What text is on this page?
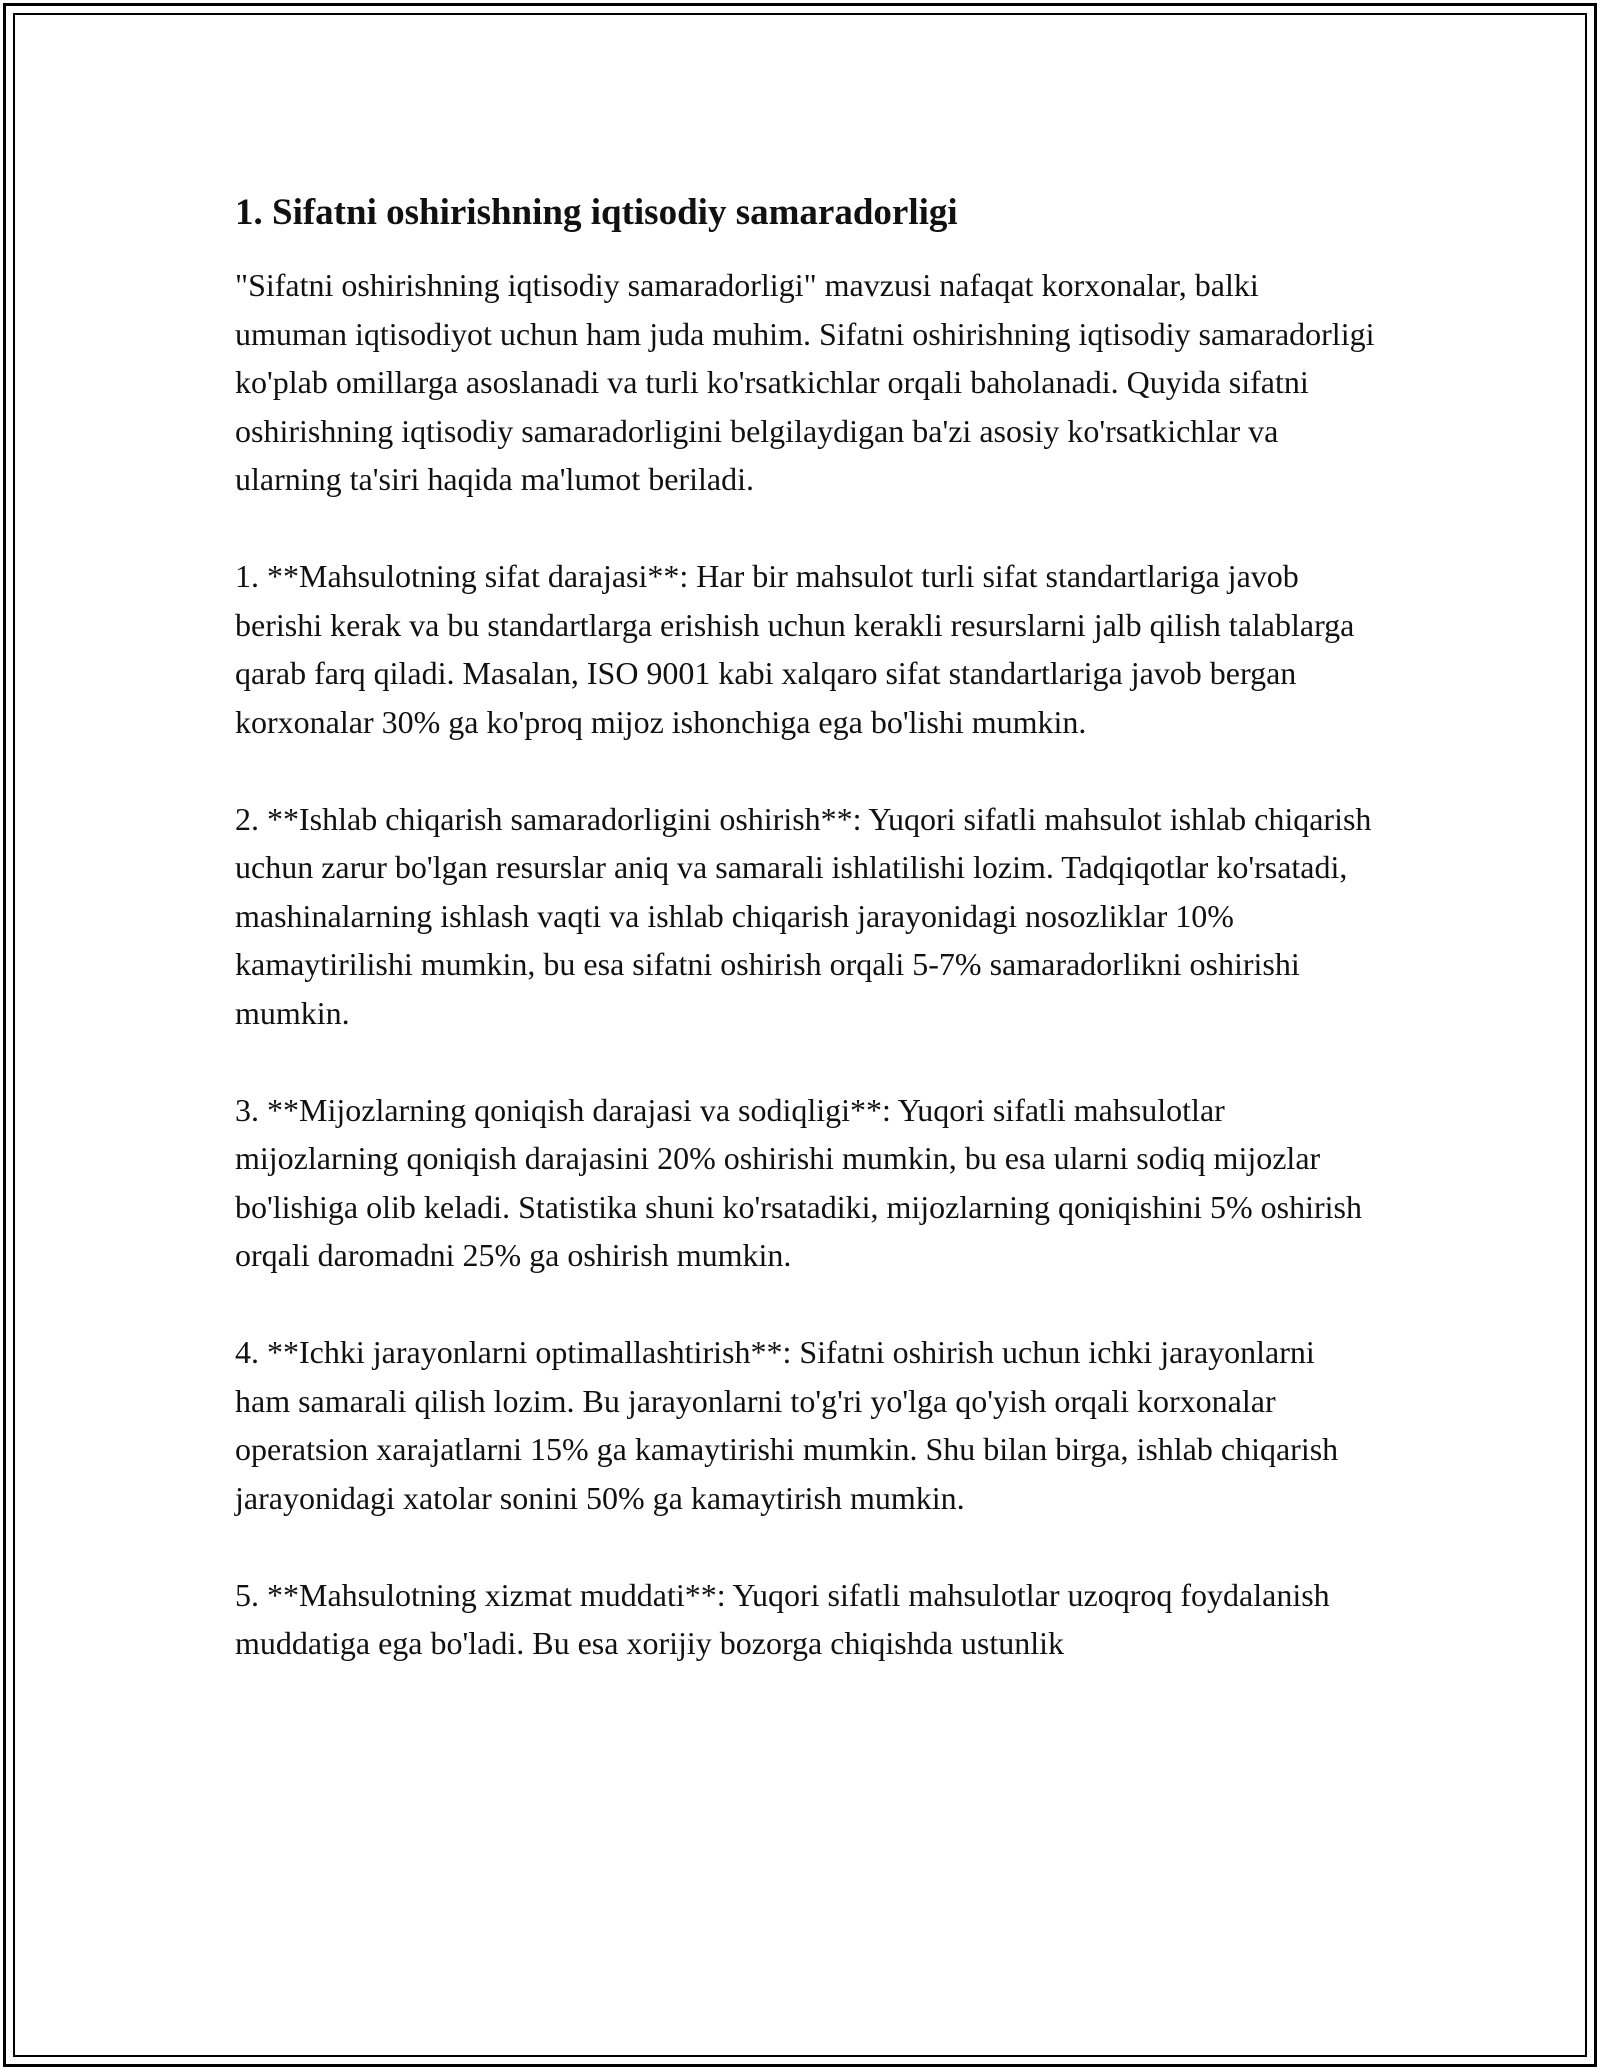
1. Sifatni oshirishning iqtisodiy samaradorligi

"Sifatni oshirishning iqtisodiy samaradorligi" mavzusi nafaqat korxonalar, balki umuman iqtisodiyot uchun ham juda muhim. Sifatni oshirishning iqtisodiy samaradorligi ko'plab omillarga asoslanadi va turli ko'rsatkichlar orqali baholanadi. Quyida sifatni oshirishning iqtisodiy samaradorligini belgilaydigan ba'zi asosiy ko'rsatkichlar va ularning ta'siri haqida ma'lumot beriladi.

1. **Mahsulotning sifat darajasi**: Har bir mahsulot turli sifat standartlariga javob berishi kerak va bu standartlarga erishish uchun kerakli resurslarni jalb qilish talablarga qarab farq qiladi. Masalan, ISO 9001 kabi xalqaro sifat standartlariga javob bergan korxonalar 30% ga ko'proq mijoz ishonchiga ega bo'lishi mumkin.

2. **Ishlab chiqarish samaradorligini oshirish**: Yuqori sifatli mahsulot ishlab chiqarish uchun zarur bo'lgan resurslar aniq va samarali ishlatilishi lozim. Tadqiqotlar ko'rsatadi, mashinalarning ishlash vaqti va ishlab chiqarish jarayonidagi nosozliklar 10% kamaytirilishi mumkin, bu esa sifatni oshirish orqali 5-7% samaradorlikni oshirishi mumkin.

3. **Mijozlarning qoniqish darajasi va sodiqligi**: Yuqori sifatli mahsulotlar mijozlarning qoniqish darajasini 20% oshirishi mumkin, bu esa ularni sodiq mijozlar bo'lishiga olib keladi. Statistika shuni ko'rsatadiki, mijozlarning qoniqishini 5% oshirish orqali daromadni 25% ga oshirish mumkin.

4. **Ichki jarayonlarni optimallashtirish**: Sifatni oshirish uchun ichki jarayonlarni ham samarali qilish lozim. Bu jarayonlarni to'g'ri yo'lga qo'yish orqali korxonalar operatsion xarajatlarni 15% ga kamaytirishi mumkin. Shu bilan birga, ishlab chiqarish jarayonidagi xatolar sonini 50% ga kamaytirish mumkin.

5. **Mahsulotning xizmat muddati**: Yuqori sifatli mahsulotlar uzoqroq foydalanish muddatiga ega bo'ladi. Bu esa xorijiy bozorga chiqishda ustunlik
